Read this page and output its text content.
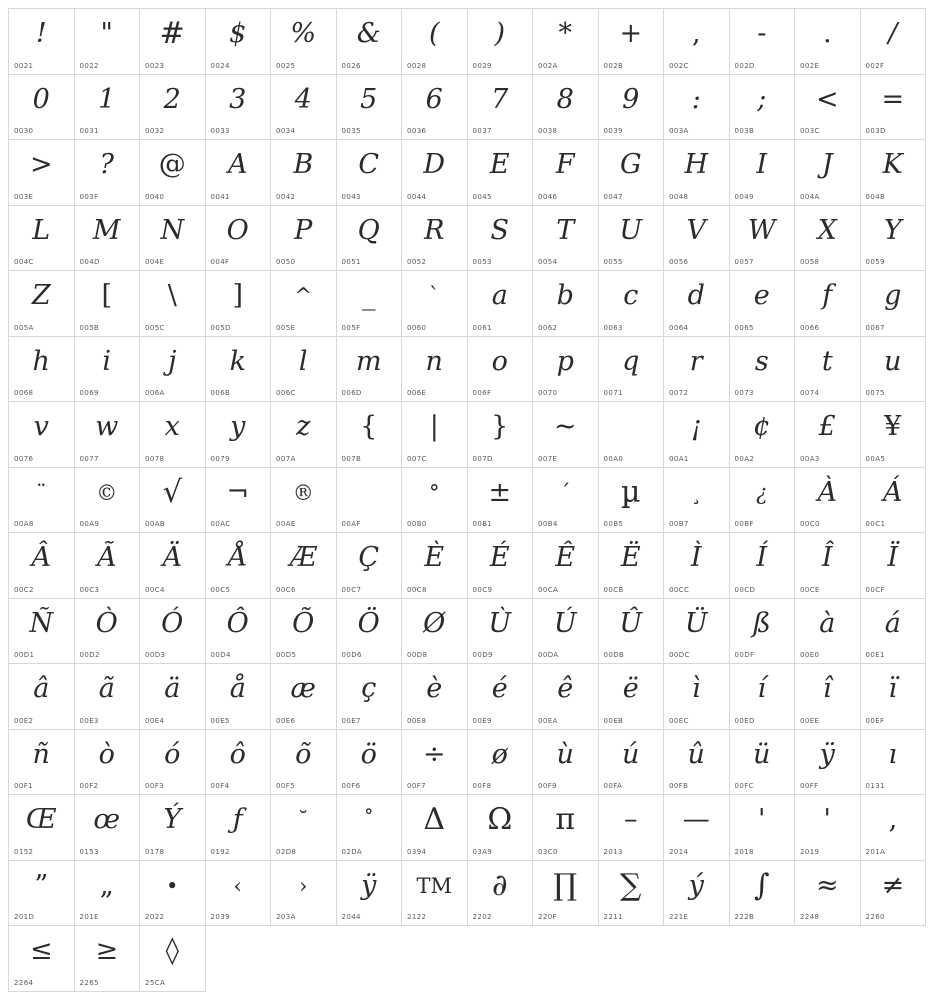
!
0021
"
0022
#
0023
$
0024
%
0025
&
0026
(
0028
)
0029
*
002A
+
002B
,
002C
-
002D
.
002E
/
002F
0
0030
1
0031
2
0032
3
0033
4
0034
5
0035
6
0036
7
0037
8
0038
9
0039
:
003A
;
003B
<
003C
=
003D
>
003E
?
003F
@
0040
A
0041
B
0042
C
0043
D
0044
E
0045
F
0046
G
0047
H
0048
I
0049
J
004A
K
004B
L
004C
M
004D
N
004E
O
004F
P
0050
Q
0051
R
0052
S
0053
T
0054
U
0055
V
0056
W
0057
X
0058
Y
0059
Z
005A
[
005B
\
005C
]
005D
^
005E
_
005F
`
0060
a
0061
b
0062
c
0063
d
0064
e
0065
f
0066
g
0067
h
0068
i
0069
j
006A
k
006B
l
006C
m
006D
n
006E
o
006F
p
0070
q
0071
r
0072
s
0073
t
0074
u
0075
v
0076
w
0077
x
0078
y
0079
z
007A
{
007B
|
007C
}
007D
~
007E	00A0
¡
00A1
¢
00A2
£
00A3
¥
00A5
¨
00A8
©
00A9
√
00AB
¬
00AC
®
00AE	00AF
°
00B0
±
00B1
´
00B4
µ
00B5
¸
00B7
¿
00BF
À
00C0
Á
00C1
Â
00C2
Ã
00C3
Ä
00C4
Å
00C5
Æ
00C6
Ç
00C7
È
00C8
É
00C9
Ê
00CA
Ë
00CB
Ì
00CC
Í
00CD
Î
00CE
Ï
00CF
Ñ
00D1
Ò
00D2
Ó
00D3
Ô
00D4
Õ
00D5
Ö
00D6
Ø
00D8
Ù
00D9
Ú
00DA
Û
00DB
Ü
00DC
ß
00DF
à
00E0
á
00E1
â
00E2
ã
00E3
ä
00E4
å
00E5
æ
00E6
ç
00E7
è
00E8
é
00E9
ê
00EA
ë
00EB
ì
00EC
í
00ED
î
00EE
ï
00EF
ñ
00F1
ò
00F2
ó
00F3
ô
00F4
õ
00F5
ö
00F6
÷
00F7
ø
00F8
ù
00F9
ú
00FA
û
00FB
ü
00FC
ÿ
00FF
ı
0131
Œ
0152
œ
0153
Ý
0178
ƒ
0192
˘
02D8
˚
02DA
Δ
0394
Ω
03A9
π
03C0
–
2013
—
2014
'
2018
'
2019
‚
201A
”
201D
„
201E
•
2022
‹
2039
›
203A
ÿ
2044
TM
2122
∂
2202
∏
220F
∑
2211
ý
221E
∫
222B
≈
2248
≠
2260
≤
2264
≥
2265
◊
25CA
